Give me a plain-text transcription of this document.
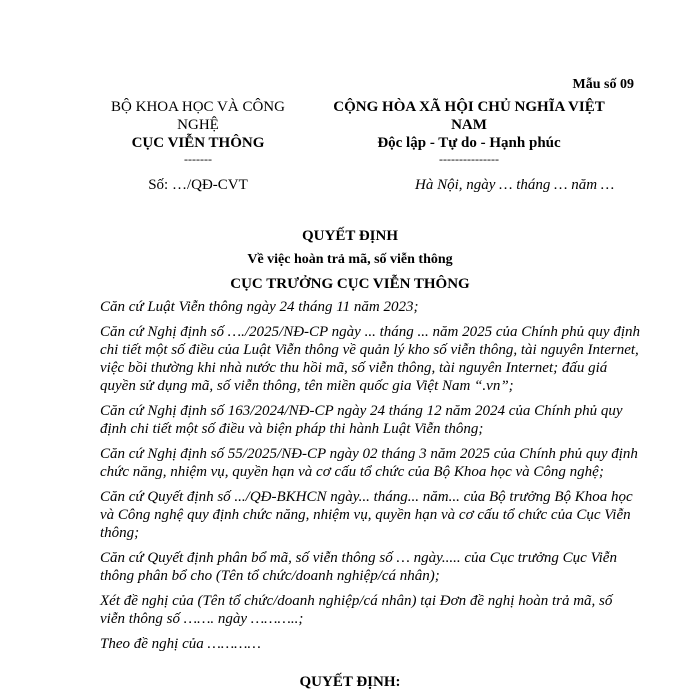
Mẫu số 09
BỘ KHOA HỌC VÀ CÔNG NGHỆ
CỤC VIỄN THÔNG
-------
CỘNG HÒA XÃ HỘI CHỦ NGHĨA VIỆT NAM
Độc lập - Tự do - Hạnh phúc
---------------
Số: …/QĐ-CVT	Hà Nội, ngày … tháng … năm …
QUYẾT ĐỊNH
Về việc hoàn trả mã, số viễn thông
CỤC TRƯỞNG CỤC VIỄN THÔNG

Căn cứ Luật Viễn thông ngày 24 tháng 11 năm 2023;

Căn cứ Nghị định số …./2025/NĐ-CP ngày ... tháng ... năm 2025 của Chính phủ quy định chi tiết một số điều của Luật Viễn thông về quản lý kho số viễn thông, tài nguyên Internet, việc bồi thường khi nhà nước thu hồi mã, số viễn thông, tài nguyên Internet; đấu giá quyền sử dụng mã, số viễn thông, tên miền quốc gia Việt Nam “.vn”;

Căn cứ Nghị định số 163/2024/NĐ-CP ngày 24 tháng 12 năm 2024 của Chính phủ quy định chi tiết một số điều và biện pháp thi hành Luật Viễn thông;

Căn cứ Nghị định số 55/2025/NĐ-CP ngày 02 tháng 3 năm 2025 của Chính phủ quy định chức năng, nhiệm vụ, quyền hạn và cơ cấu tổ chức của Bộ Khoa học và Công nghệ;

Căn cứ Quyết định số .../QĐ-BKHCN ngày... tháng... năm... của Bộ trưởng Bộ Khoa học và Công nghệ quy định chức năng, nhiệm vụ, quyền hạn và cơ cấu tổ chức của Cục Viễn thông;

Căn cứ Quyết định phân bổ mã, số viễn thông số … ngày..... của Cục trưởng Cục Viễn thông phân bổ cho (Tên tổ chức/doanh nghiệp/cá nhân);

Xét đề nghị của (Tên tổ chức/doanh nghiệp/cá nhân) tại Đơn đề nghị hoàn trả mã, số viễn thông số ……. ngày ………..;

Theo đề nghị của …………

QUYẾT ĐỊNH:
